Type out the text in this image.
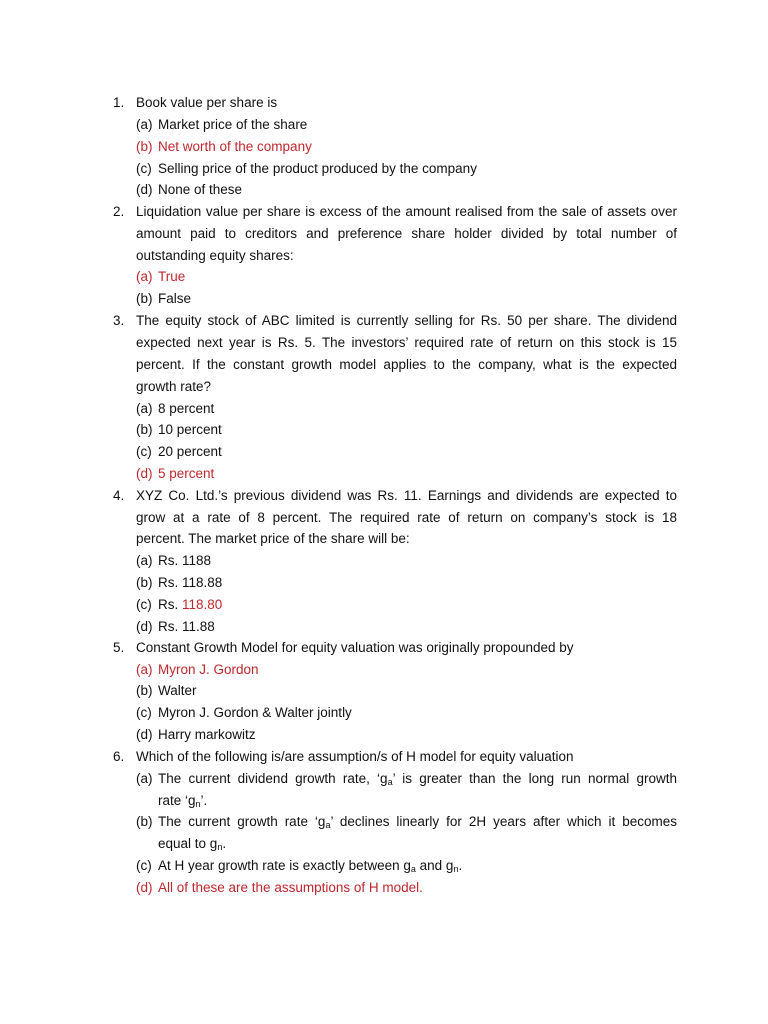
1. Book value per share is
(a) Market price of the share
(b) Net worth of the company
(c) Selling price of the product produced by the company
(d) None of these
2. Liquidation value per share is excess of the amount realised from the sale of assets over
amount paid to creditors and preference share holder divided by total number of
outstanding equity shares:
(a) True
(b) False
3. The equity stock of ABC limited is currently selling for Rs. 50 per share. The dividend
expected next year is Rs. 5. The investors’ required rate of return on this stock is 15
percent. If the constant growth model applies to the company, what is the expected
growth rate?
(a) 8 percent
(b) 10 percent
(c) 20 percent
(d) 5 percent
4. XYZ Co. Ltd.’s previous dividend was Rs. 11. Earnings and dividends are expected to
grow at a rate of 8 percent. The required rate of return on company’s stock is 18
percent. The market price of the share will be:
(a) Rs. 1188
(b) Rs. 118.88
(c) Rs. 118.80
(d) Rs. 11.88
5. Constant Growth Model for equity valuation was originally propounded by
(a) Myron J. Gordon
(b) Walter
(c) Myron J. Gordon & Walter jointly
(d) Harry markowitz
6. Which of the following is/are assumption/s of H model for equity valuation
(a) The current dividend growth rate, ‘$g_a$’ is greater than the long run normal growth
rate ‘$g_n$’.
(b) The current growth rate ‘$g_a$’ declines linearly for 2H years after which it becomes
equal to $g_n$.
(c) At H year growth rate is exactly between $g_a$ and $g_n$.
(d) All of these are the assumptions of H model.
